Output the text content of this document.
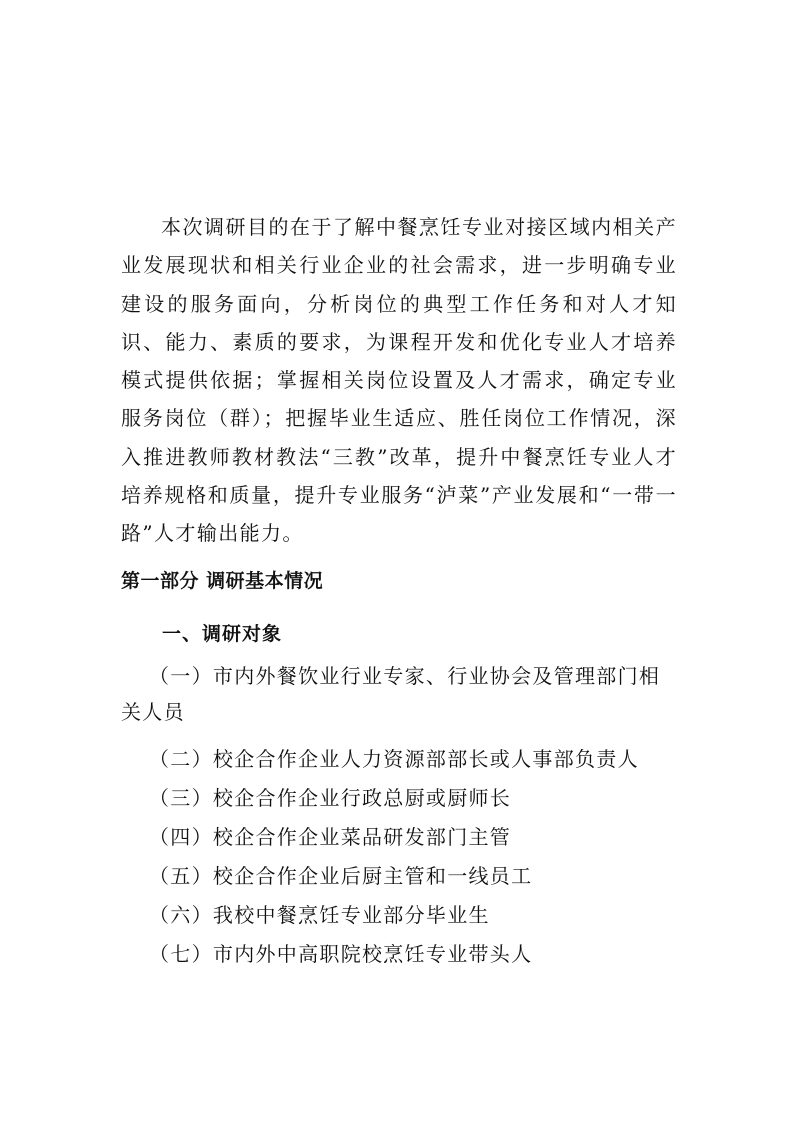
本次调研目的在于了解中餐烹饪专业对接区域内相关产业发展现状和相关行业企业的社会需求，进一步明确专业建设的服务面向，分析岗位的典型工作任务和对人才知识、能力、素质的要求，为课程开发和优化专业人才培养模式提供依据；掌握相关岗位设置及人才需求，确定专业服务岗位（群）；把握毕业生适应、胜任岗位工作情况，深入推进教师教材教法“三教”改革，提升中餐烹饪专业人才培养规格和质量，提升专业服务“泸菜”产业发展和“一带一路”人才输出能力。

第一部分 调研基本情况
一、调研对象
（一）市内外餐饮业行业专家、行业协会及管理部门相关人员
（二）校企合作企业人力资源部部长或人事部负责人
（三）校企合作企业行政总厨或厨师长
（四）校企合作企业菜品研发部门主管
（五）校企合作企业后厨主管和一线员工
（六）我校中餐烹饪专业部分毕业生
（七）市内外中高职院校烹饪专业带头人
